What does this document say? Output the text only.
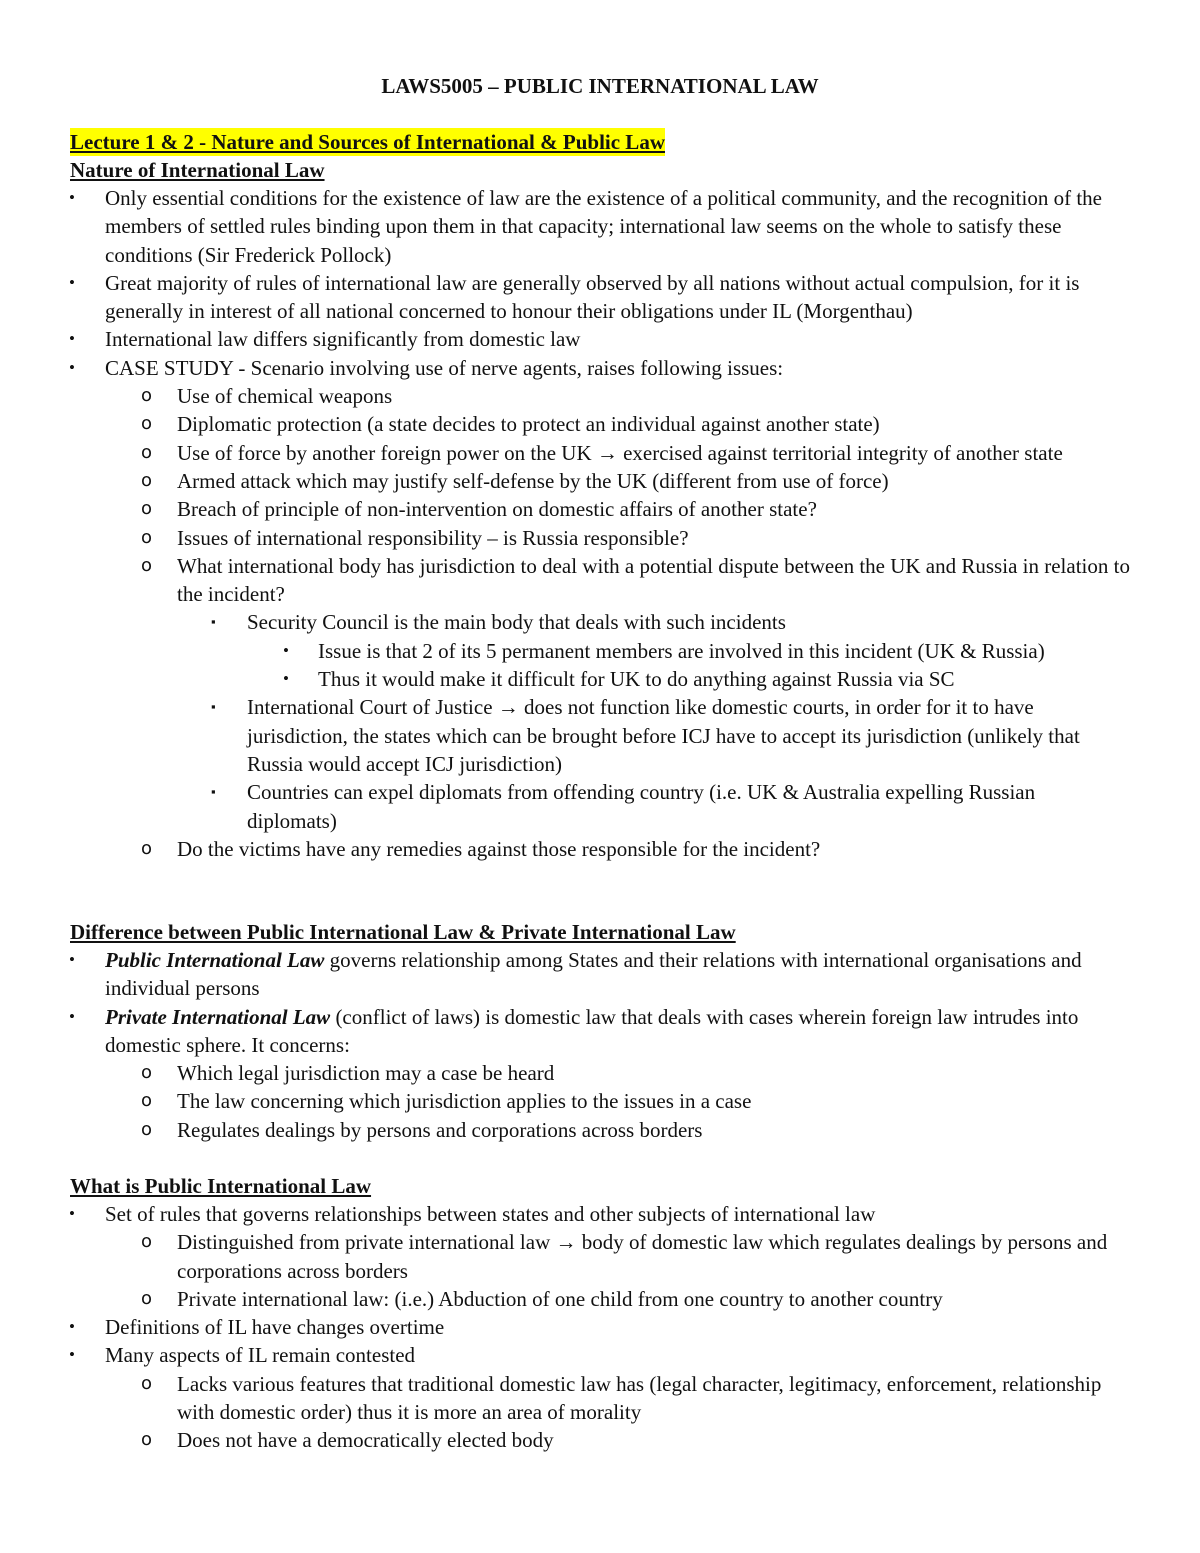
LAWS5005 – PUBLIC INTERNATIONAL LAW
Lecture 1 & 2 - Nature and Sources of International & Public Law
Nature of International Law
• Only essential conditions for the existence of law are the existence of a political community, and the recognition of the members of settled rules binding upon them in that capacity; international law seems on the whole to satisfy these conditions (Sir Frederick Pollock)
• Great majority of rules of international law are generally observed by all nations without actual compulsion, for it is generally in interest of all national concerned to honour their obligations under IL (Morgenthau)
• International law differs significantly from domestic law
• CASE STUDY - Scenario involving use of nerve agents, raises following issues:
o Use of chemical weapons
o Diplomatic protection (a state decides to protect an individual against another state)
o Use of force by another foreign power on the UK → exercised against territorial integrity of another state
o Armed attack which may justify self-defense by the UK (different from use of force)
o Breach of principle of non-intervention on domestic affairs of another state?
o Issues of international responsibility – is Russia responsible?
o What international body has jurisdiction to deal with a potential dispute between the UK and Russia in relation to the incident?
▪ Security Council is the main body that deals with such incidents
• Issue is that 2 of its 5 permanent members are involved in this incident (UK & Russia)
• Thus it would make it difficult for UK to do anything against Russia via SC
▪ International Court of Justice → does not function like domestic courts, in order for it to have jurisdiction, the states which can be brought before ICJ have to accept its jurisdiction (unlikely that Russia would accept ICJ jurisdiction)
▪ Countries can expel diplomats from offending country (i.e. UK & Australia expelling Russian diplomats)
o Do the victims have any remedies against those responsible for the incident?
Difference between Public International Law & Private International Law
• Public International Law governs relationship among States and their relations with international organisations and individual persons
• Private International Law (conflict of laws) is domestic law that deals with cases wherein foreign law intrudes into domestic sphere. It concerns:
o Which legal jurisdiction may a case be heard
o The law concerning which jurisdiction applies to the issues in a case
o Regulates dealings by persons and corporations across borders
What is Public International Law
• Set of rules that governs relationships between states and other subjects of international law
o Distinguished from private international law → body of domestic law which regulates dealings by persons and corporations across borders
o Private international law: (i.e.) Abduction of one child from one country to another country
• Definitions of IL have changes overtime
• Many aspects of IL remain contested
o Lacks various features that traditional domestic law has (legal character, legitimacy, enforcement, relationship with domestic order) thus it is more an area of morality
o Does not have a democratically elected body
